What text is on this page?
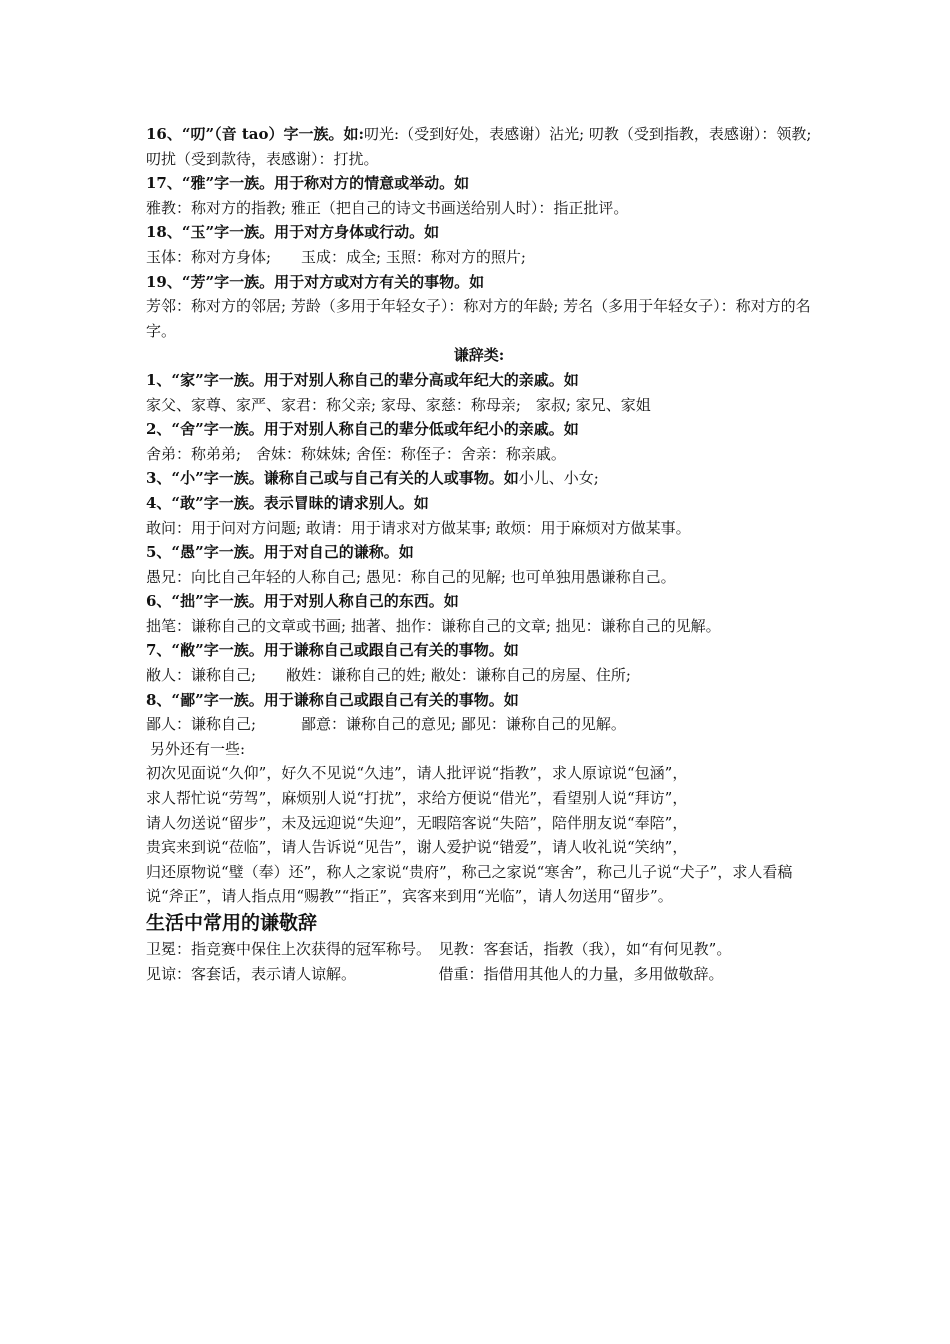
16、“叨”（音 tao）字一族。如:叨光:（受到好处，表感谢）沾光; 叨教（受到指教，表感谢）：领教; 叨扰（受到款待，表感谢）：打扰。

17、“雅”字一族。用于称对方的情意或举动。如

雅教：称对方的指教; 雅正（把自己的诗文书画送给别人时）：指正批评。

18、“玉”字一族。用于对方身体或行动。如

玉体：称对方身体;　　玉成：成全; 玉照：称对方的照片;

19、“芳”字一族。用于对方或对方有关的事物。如

芳邻：称对方的邻居; 芳龄（多用于年轻女子）：称对方的年龄; 芳名（多用于年轻女子）：称对方的名字。

谦辞类:

1、“家”字一族。用于对别人称自己的辈分高或年纪大的亲戚。如

家父、家尊、家严、家君：称父亲; 家母、家慈：称母亲;　家叔; 家兄、家姐

2、“舍”字一族。用于对别人称自己的辈分低或年纪小的亲戚。如

舍弟：称弟弟;　舍妹：称妹妹; 舍侄：称侄子：舍亲：称亲戚。

3、“小”字一族。谦称自己或与自己有关的人或事物。如小儿、小女;

4、“敢”字一族。表示冒昧的请求别人。如

敢问：用于问对方问题; 敢请：用于请求对方做某事; 敢烦：用于麻烦对方做某事。

5、“愚”字一族。用于对自己的谦称。如

愚兄：向比自己年轻的人称自己; 愚见：称自己的见解; 也可单独用愚谦称自己。

6、“拙”字一族。用于对别人称自己的东西。如

拙笔：谦称自己的文章或书画; 拙著、拙作：谦称自己的文章; 拙见：谦称自己的见解。

7、“敝”字一族。用于谦称自己或跟自己有关的事物。如

敝人：谦称自己;　　敝姓：谦称自己的姓; 敝处：谦称自己的房屋、住所;

8、“鄙”字一族。用于谦称自己或跟自己有关的事物。如

鄙人：谦称自己;　　　鄙意：谦称自己的意见; 鄙见：谦称自己的见解。

另外还有一些:

初次见面说“久仰”，好久不见说“久违”，请人批评说“指教”，求人原谅说“包涵”，

求人帮忙说“劳驾”，麻烦别人说“打扰”，求给方便说“借光”，看望别人说“拜访”，

请人勿送说“留步”，未及远迎说“失迎”，无暇陪客说“失陪”，陪伴朋友说“奉陪”，

贵宾来到说“莅临”，请人告诉说“见告”，谢人爱护说“错爱”，请人收礼说“笑纳”，

归还原物说“璧（奉）还”，称人之家说“贵府”，称己之家说“寒舍”，称己儿子说“犬子”，求人看稿说“斧正”，请人指点用“赐教”“指正”，宾客来到用“光临”，请人勿送用“留步”。

生活中常用的谦敬辞

卫冕：指竞赛中保住上次获得的冠军称号。　见教：客套话，指教（我），如“有何见教”。

见谅：客套话，表示请人谅解。　　　　　　借重：指借用其他人的力量，多用做敬辞。
